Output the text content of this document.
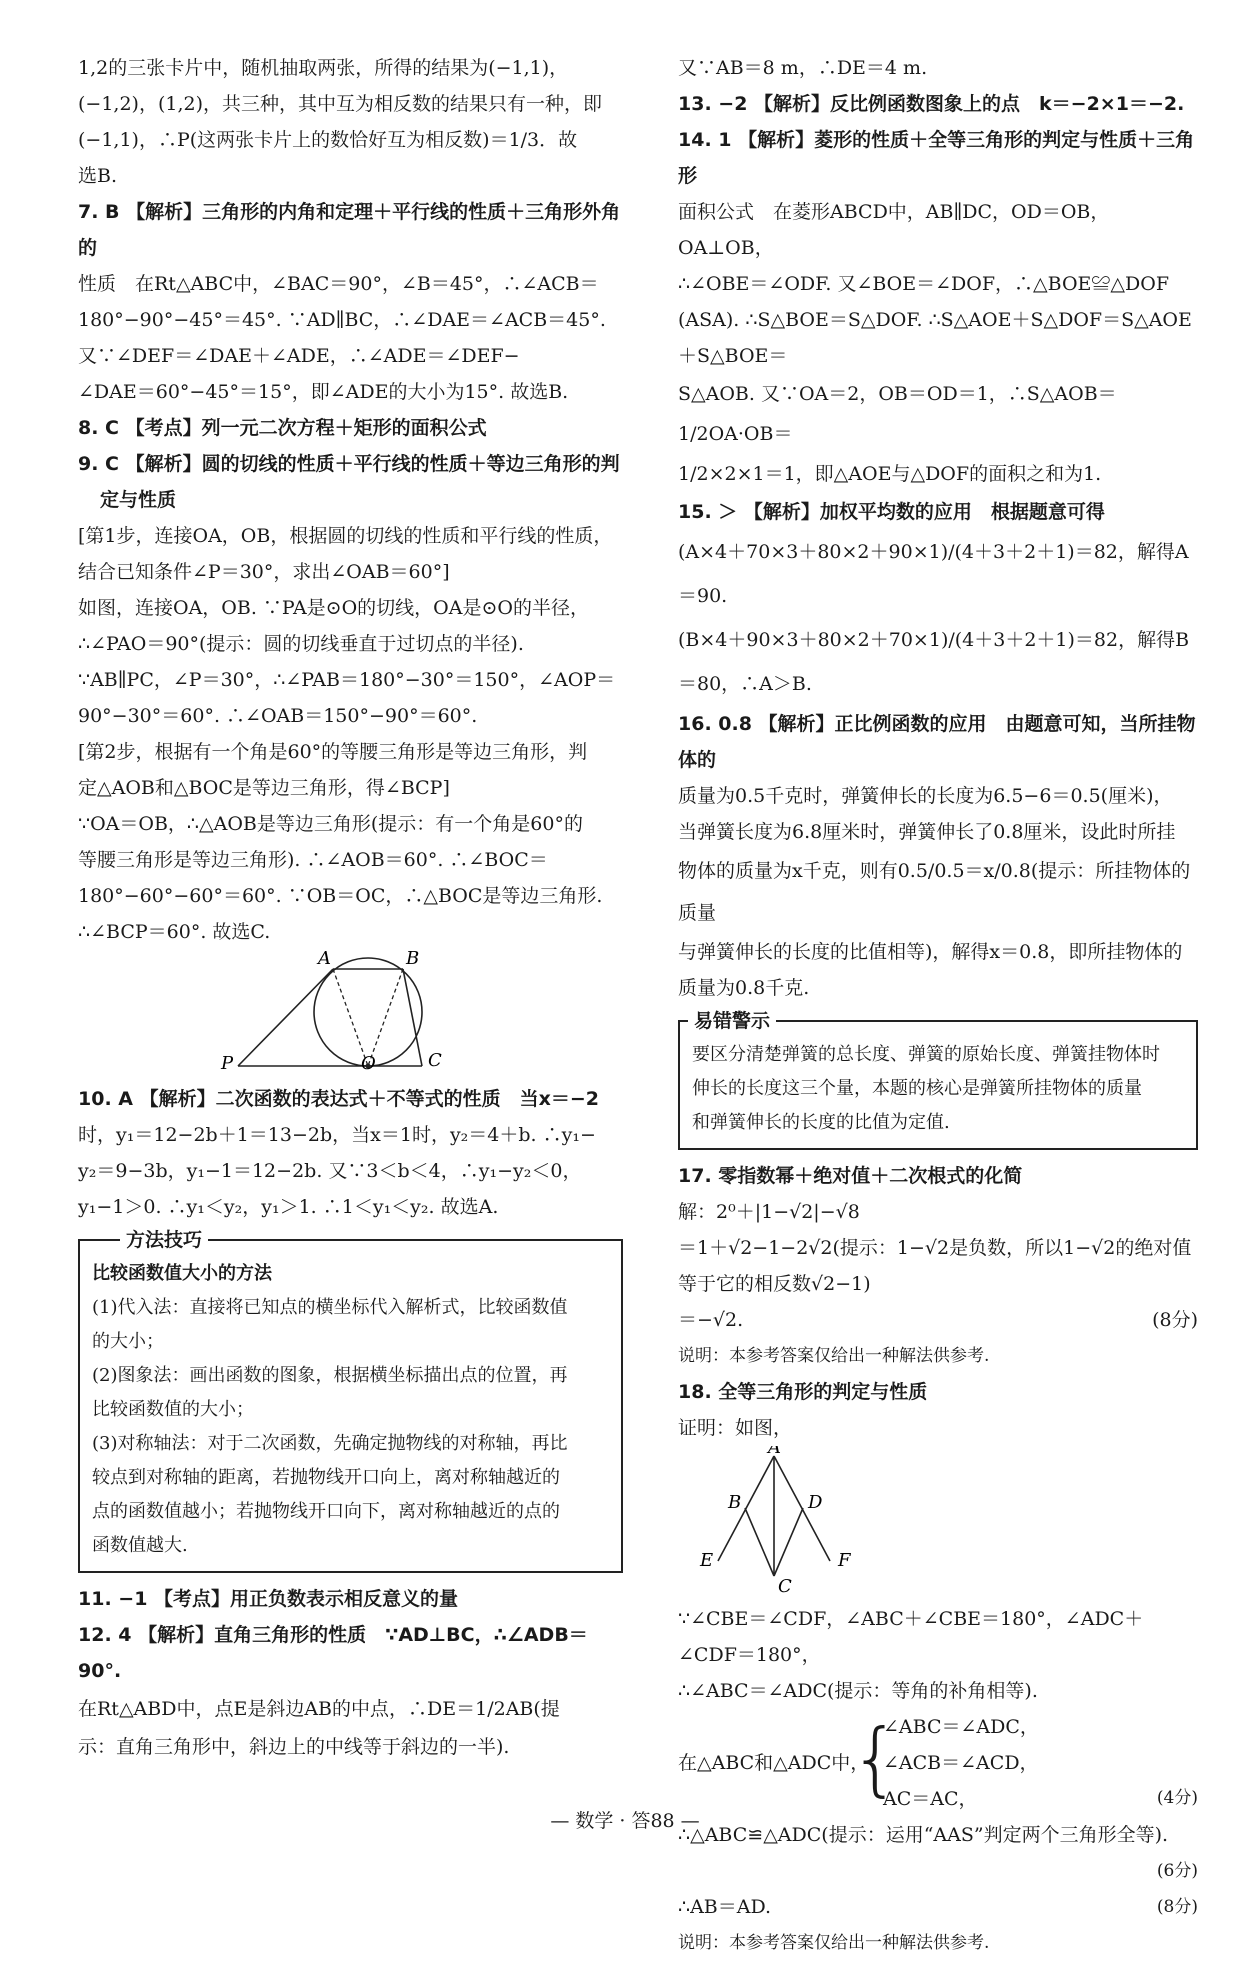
1,2的三张卡片中，随机抽取两张，所得的结果为(−1,1)，

(−1,2)，(1,2)，共三种，其中互为相反数的结果只有一种，即

(−1,1)，∴P(这两张卡片上的数恰好互为相反数)＝1/3．故

选B.

7. B 【解析】三角形的内角和定理＋平行线的性质＋三角形外角的

性质　在Rt△ABC中，∠BAC＝90°，∠B＝45°，∴∠ACB＝

180°−90°−45°＝45°. ∵AD∥BC，∴∠DAE＝∠ACB＝45°.

又∵∠DEF＝∠DAE＋∠ADE，∴∠ADE＝∠DEF−

∠DAE＝60°−45°＝15°，即∠ADE的大小为15°. 故选B.

8. C 【考点】列一元二次方程＋矩形的面积公式

9. C 【解析】圆的切线的性质＋平行线的性质＋等边三角形的判

定与性质

[第1步，连接OA，OB，根据圆的切线的性质和平行线的性质，

结合已知条件∠P＝30°，求出∠OAB＝60°]

如图，连接OA，OB. ∵PA是⊙O的切线，OA是⊙O的半径，

∴∠PAO＝90°(提示：圆的切线垂直于过切点的半径).

∵AB∥PC，∠P＝30°，∴∠PAB＝180°−30°＝150°，∠AOP＝

90°−30°＝60°. ∴∠OAB＝150°−90°＝60°.

[第2步，根据有一个角是60°的等腰三角形是等边三角形，判

定△AOB和△BOC是等边三角形，得∠BCP]

∵OA＝OB，∴△AOB是等边三角形(提示：有一个角是60°的

等腰三角形是等边三角形). ∴∠AOB＝60°. ∴∠BOC＝

180°−60°−60°＝60°. ∵OB＝OC，∴△BOC是等边三角形.

∴∠BCP＝60°. 故选C.

A	B
P	O	C

10. A 【解析】二次函数的表达式＋不等式的性质　当x＝−2

时，y₁＝12−2b＋1＝13−2b，当x＝1时，y₂＝4＋b. ∴y₁−

y₂＝9−3b，y₁−1＝12−2b. 又∵3＜b＜4，∴y₁−y₂＜0，

y₁−1＞0. ∴y₁＜y₂，y₁＞1. ∴1＜y₁＜y₂. 故选A.

方法技巧

比较函数值大小的方法

(1)代入法：直接将已知点的横坐标代入解析式，比较函数值

的大小；

(2)图象法：画出函数的图象，根据横坐标描出点的位置，再

比较函数值的大小；

(3)对称轴法：对于二次函数，先确定抛物线的对称轴，再比

较点到对称轴的距离，若抛物线开口向上，离对称轴越近的

点的函数值越小；若抛物线开口向下，离对称轴越近的点的

函数值越大.

11. −1 【考点】用正负数表示相反意义的量

12. 4 【解析】直角三角形的性质　∵AD⊥BC，∴∠ADB＝90°.

在Rt△ABD中，点E是斜边AB的中点，∴DE＝1/2AB(提

示：直角三角形中，斜边上的中线等于斜边的一半).

又∵AB＝8 m，∴DE＝4 m.

13. −2 【解析】反比例函数图象上的点　k＝−2×1＝−2.

14. 1 【解析】菱形的性质＋全等三角形的判定与性质＋三角形

面积公式　在菱形ABCD中，AB∥DC，OD＝OB，OA⊥OB，

∴∠OBE＝∠ODF. 又∠BOE＝∠DOF，∴△BOE≌△DOF

(ASA). ∴S△BOE＝S△DOF. ∴S△AOE＋S△DOF＝S△AOE＋S△BOE＝

S△AOB. 又∵OA＝2，OB＝OD＝1，∴S△AOB＝1/2OA·OB＝

1/2×2×1＝1，即△AOE与△DOF的面积之和为1.

15. ＞ 【解析】加权平均数的应用　根据题意可得

(A×4＋70×3＋80×2＋90×1)/(4＋3＋2＋1)＝82，解得A＝90.

(B×4＋90×3＋80×2＋70×1)/(4＋3＋2＋1)＝82，解得B＝80，∴A＞B.

16. 0.8 【解析】正比例函数的应用　由题意可知，当所挂物体的

质量为0.5千克时，弹簧伸长的长度为6.5−6＝0.5(厘米)，

当弹簧长度为6.8厘米时，弹簧伸长了0.8厘米，设此时所挂

物体的质量为x千克，则有0.5/0.5＝x/0.8(提示：所挂物体的质量

与弹簧伸长的长度的比值相等)，解得x＝0.8，即所挂物体的

质量为0.8千克.

易错警示

要区分清楚弹簧的总长度、弹簧的原始长度、弹簧挂物体时

伸长的长度这三个量，本题的核心是弹簧所挂物体的质量

和弹簧伸长的长度的比值为定值.

17. 零指数幂＋绝对值＋二次根式的化简

解：2⁰＋|1−√2|−√8

＝1＋√2−1−2√2(提示：1−√2是负数，所以1−√2的绝对值

等于它的相反数√2−1)

＝−√2.	(8分)

说明：本参考答案仅给出一种解法供参考.

18. 全等三角形的判定与性质

证明：如图，

A
B	D
E
C
F

∵∠CBE＝∠CDF，∠ABC＋∠CBE＝180°，∠ADC＋

∠CDF＝180°，

∴∠ABC＝∠ADC(提示：等角的补角相等).

在△ABC和△ADC中，
{

∠ABC＝∠ADC，

∠ACB＝∠ACD，

AC＝AC，	(4分)

∴△ABC≌△ADC(提示：运用“AAS”判定两个三角形全等).

(6分)

∴AB＝AD.	(8分)

说明：本参考答案仅给出一种解法供参考.

— 数学 · 答88 —
